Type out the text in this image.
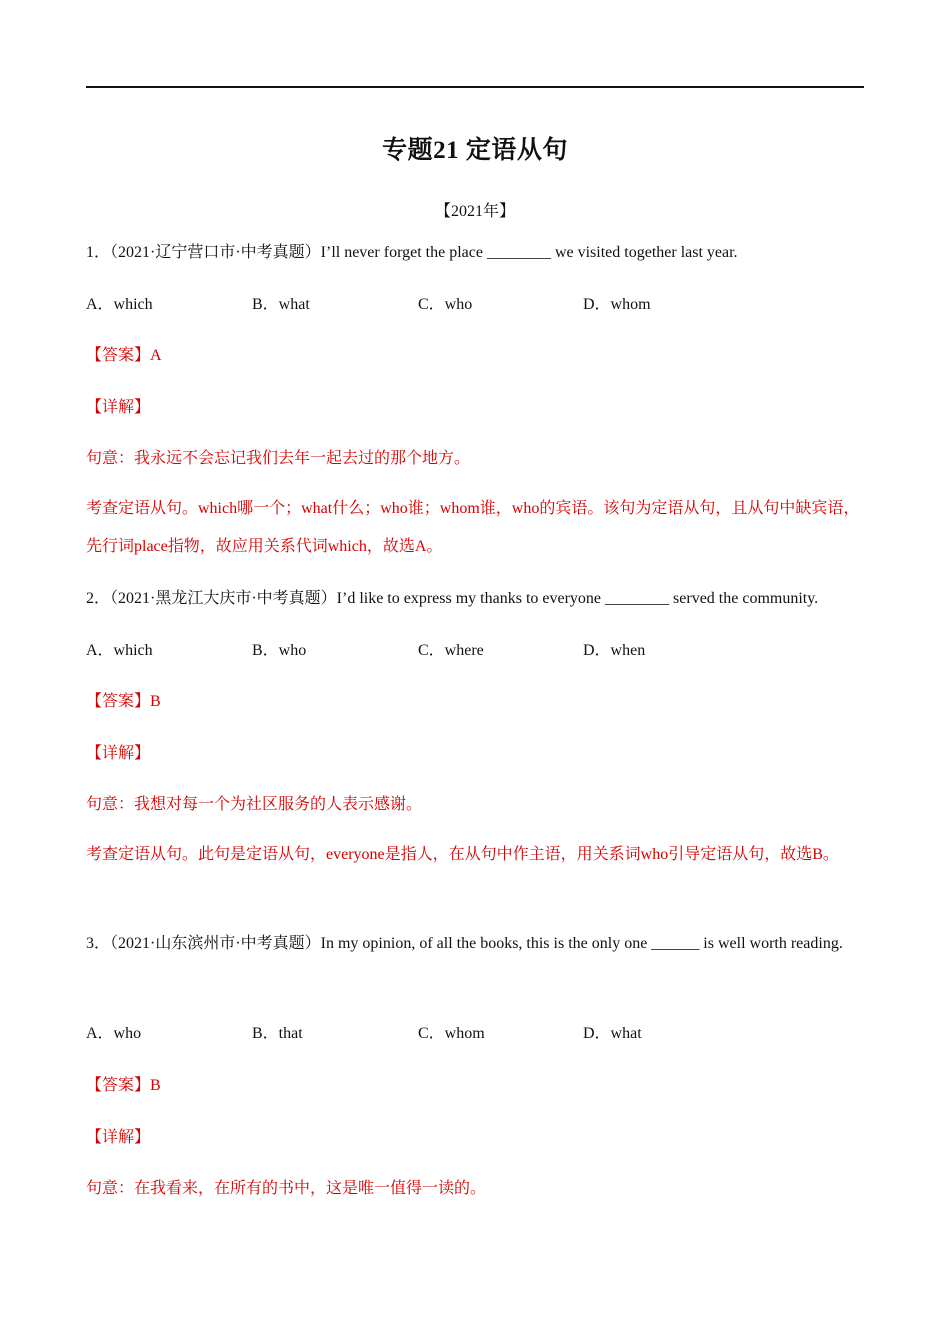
专题21 定语从句
【2021年】
1．（2021·辽宁营口市·中考真题）I’ll never forget the place ________ we visited together last year.
A．which	B．what	C．who	D．whom
【答案】A
【详解】
句意：我永远不会忘记我们去年一起去过的那个地方。
考查定语从句。which哪一个；what什么；who谁；whom谁，who的宾语。该句为定语从句，且从句中缺宾语，先行词place指物，故应用关系代词which，故选A。
2．（2021·黑龙江大庆市·中考真题）I’d like to express my thanks to everyone ________ served the community.
A．which	B．who	C．where	D．when
【答案】B
【详解】
句意：我想对每一个为社区服务的人表示感谢。
考查定语从句。此句是定语从句，everyone是指人，在从句中作主语，用关系词who引导定语从句，故选B。
3．（2021·山东滨州市·中考真题）In my opinion, of all the books, this is the only one ______ is well worth reading.
A．who	B．that	C．whom	D．what
【答案】B
【详解】
句意：在我看来，在所有的书中，这是唯一值得一读的。
